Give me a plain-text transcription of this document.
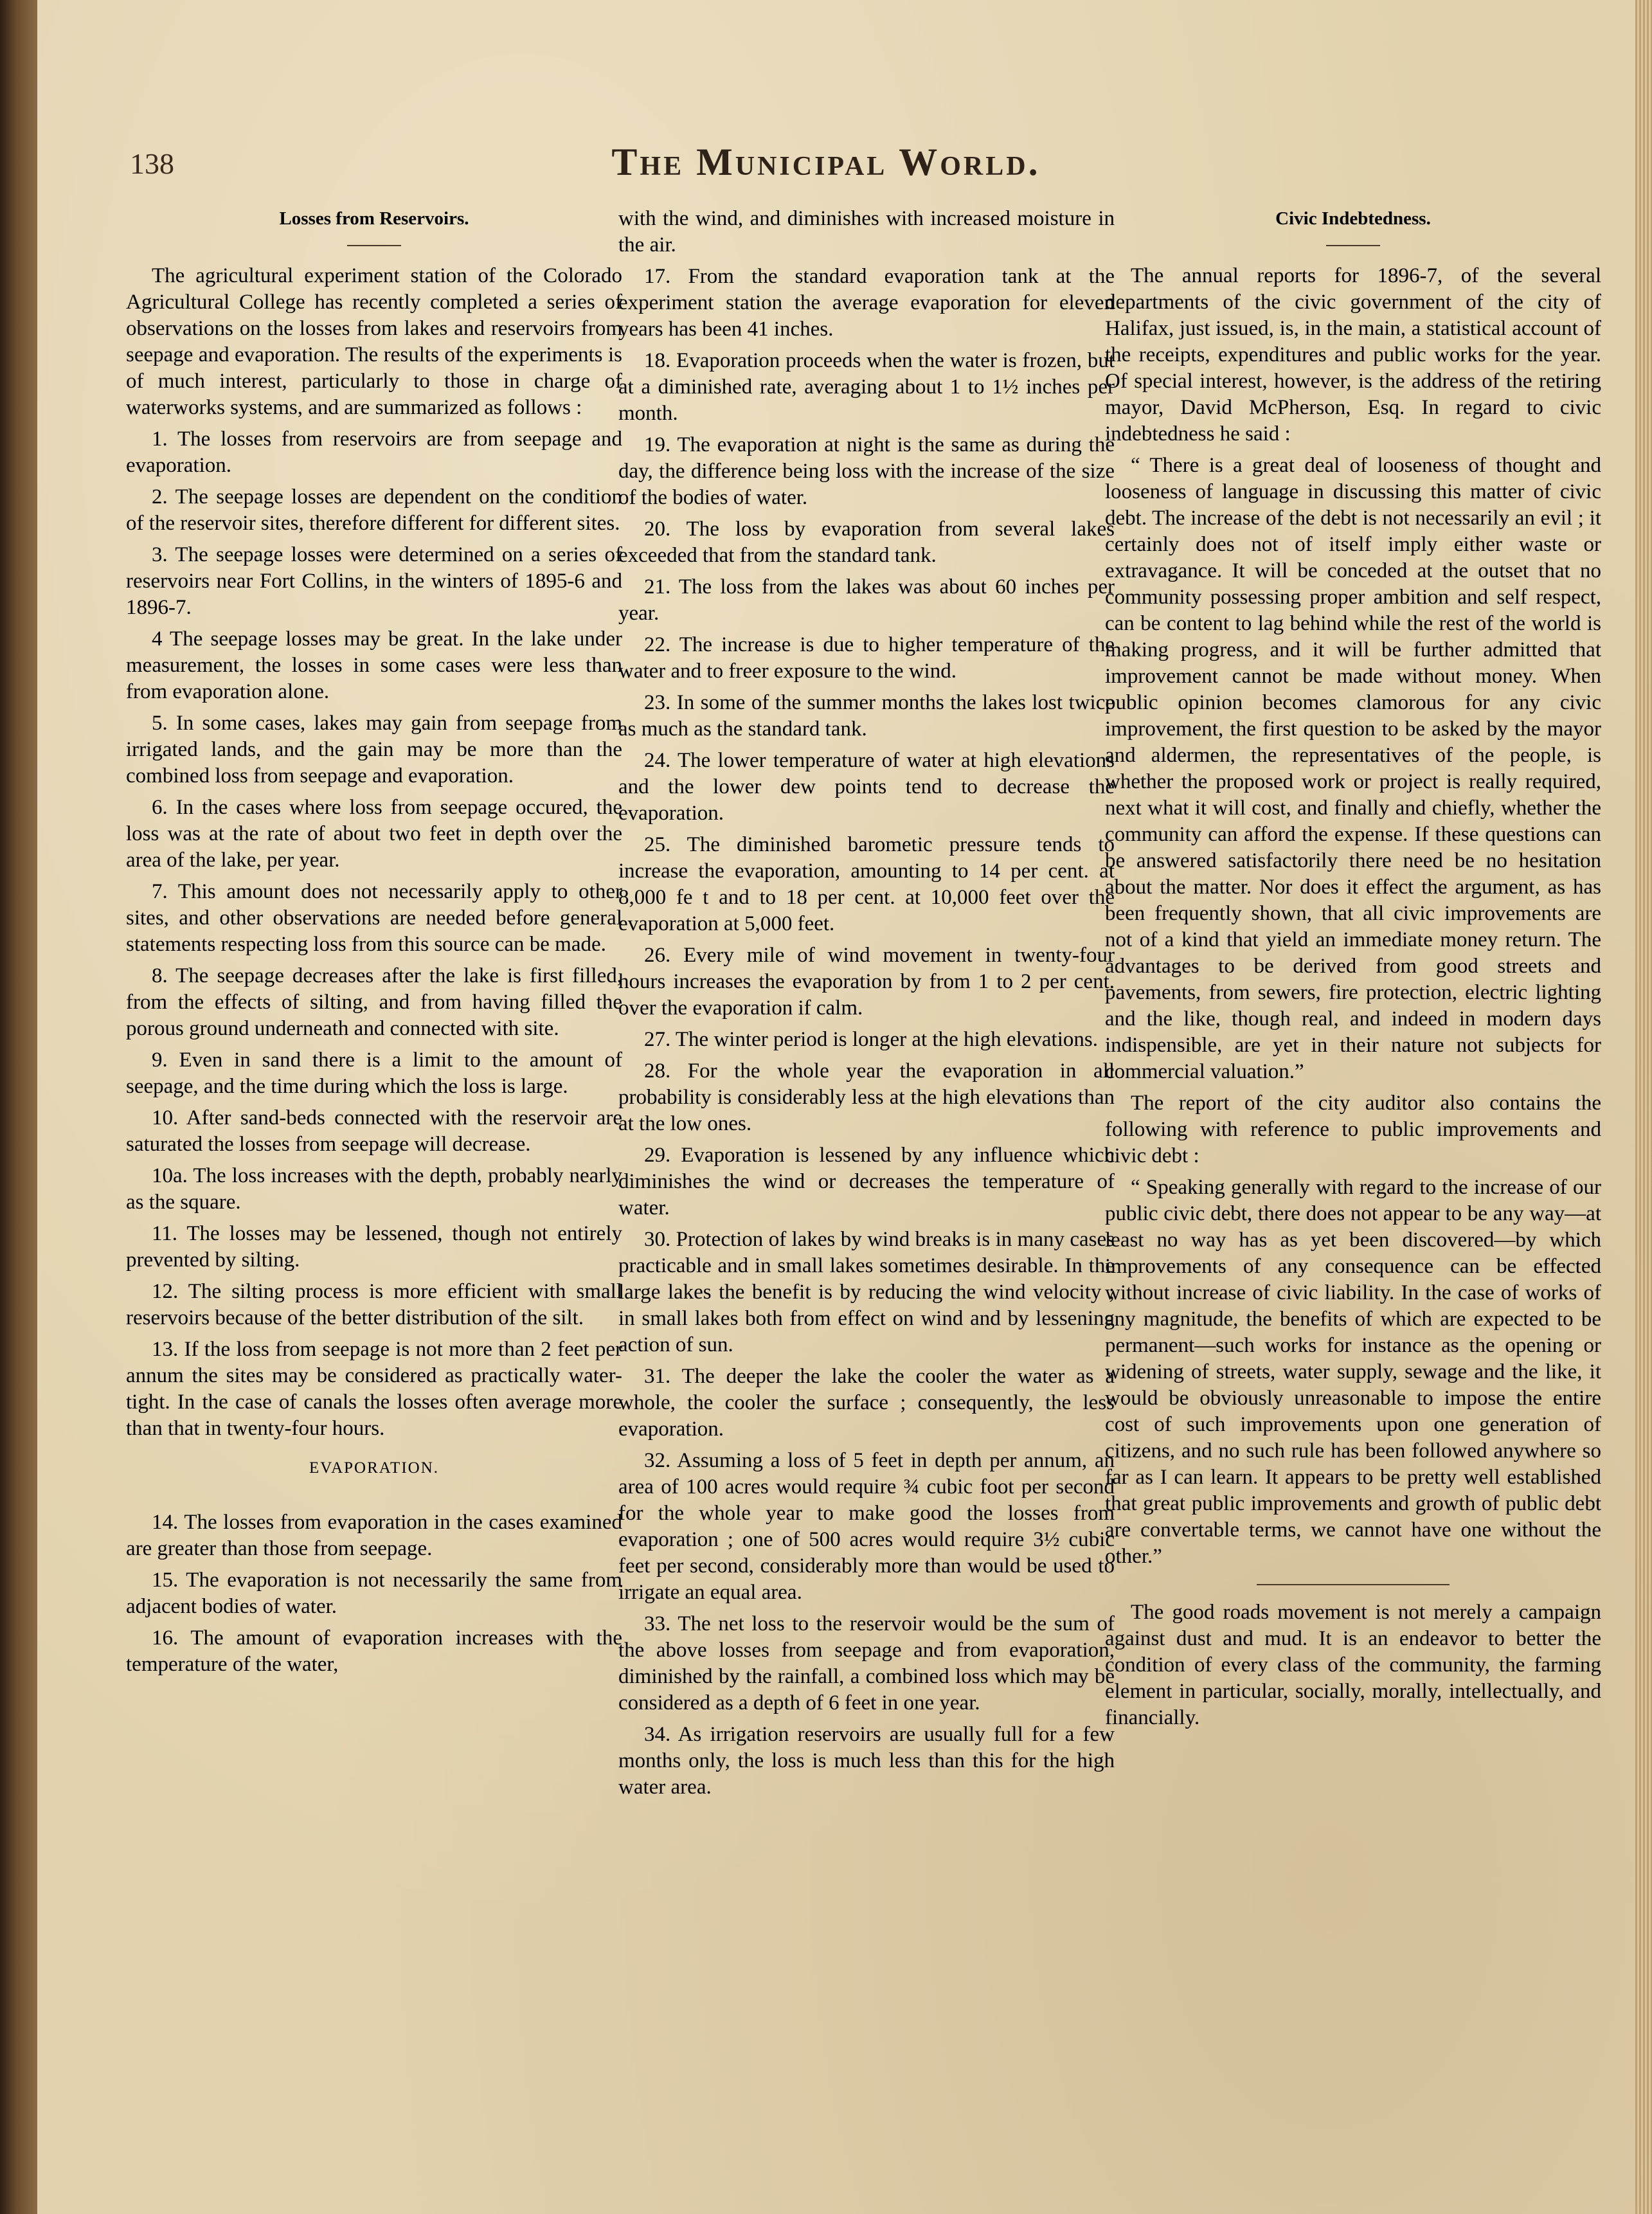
138	The Municipal World.
Losses from Reservoirs.

The agricultural experiment station of the Colorado Agricultural College has recently completed a series of observations on the losses from lakes and reservoirs from seepage and evaporation. The results of the experiments is of much interest, particularly to those in charge of waterworks systems, and are summarized as follows :

1. The losses from reservoirs are from seepage and evaporation.

2. The seepage losses are dependent on the condition of the reservoir sites, therefore different for different sites.

3. The seepage losses were determined on a series of reservoirs near Fort Collins, in the winters of 1895-6 and 1896-7.

4 The seepage losses may be great. In the lake under measurement, the losses in some cases were less than from evaporation alone.

5. In some cases, lakes may gain from seepage from irrigated lands, and the gain may be more than the combined loss from seepage and evaporation.

6. In the cases where loss from seepage occured, the loss was at the rate of about two feet in depth over the area of the lake, per year.

7. This amount does not necessarily apply to other sites, and other observations are needed before general statements respecting loss from this source can be made.

8. The seepage decreases after the lake is first filled, from the effects of silting, and from having filled the porous ground underneath and connected with site.

9. Even in sand there is a limit to the amount of seepage, and the time during which the loss is large.

10. After sand-beds connected with the reservoir are saturated the losses from seepage will decrease.

10a. The loss increases with the depth, probably nearly as the square.

11. The losses may be lessened, though not entirely prevented by silting.

12. The silting process is more efficient with small reservoirs because of the better distribution of the silt.

13. If the loss from seepage is not more than 2 feet per annum the sites may be considered as practically water-tight. In the case of canals the losses often average more than that in twenty-four hours.

EVAPORATION.

14. The losses from evaporation in the cases examined are greater than those from seepage.

15. The evaporation is not necessarily the same from adjacent bodies of water.

16. The amount of evaporation increases with the temperature of the water,

with the wind, and diminishes with increased moisture in the air.

17. From the standard evaporation tank at the experiment station the average evaporation for eleven years has been 41 inches.

18. Evaporation proceeds when the water is frozen, but at a diminished rate, averaging about 1 to 1½ inches per month.

19. The evaporation at night is the same as during the day, the difference being loss with the increase of the size of the bodies of water.

20. The loss by evaporation from several lakes exceeded that from the standard tank.

21. The loss from the lakes was about 60 inches per year.

22. The increase is due to higher temperature of the water and to freer exposure to the wind.

23. In some of the summer months the lakes lost twice as much as the standard tank.

24. The lower temperature of water at high elevations and the lower dew points tend to decrease the evaporation.

25. The diminished barometic pressure tends to increase the evaporation, amounting to 14 per cent. at 8,000 fe t and to 18 per cent. at 10,000 feet over the evaporation at 5,000 feet.

26. Every mile of wind movement in twenty-four hours increases the evaporation by from 1 to 2 per cent. over the evaporation if calm.

27. The winter period is longer at the high elevations.

28. For the whole year the evaporation in all probability is considerably less at the high elevations than at the low ones.

29. Evaporation is lessened by any influence which diminishes the wind or decreases the temperature of water.

30. Protection of lakes by wind breaks is in many cases practicable and in small lakes sometimes desirable. In the large lakes the benefit is by reducing the wind velocity ; in small lakes both from effect on wind and by lessening action of sun.

31. The deeper the lake the cooler the water as a whole, the cooler the surface ; consequently, the less evaporation.

32. Assuming a loss of 5 feet in depth per annum, an area of 100 acres would require ¾ cubic foot per second for the whole year to make good the losses from evaporation ; one of 500 acres would require 3½ cubic feet per second, considerably more than would be used to irrigate an equal area.

33. The net loss to the reservoir would be the sum of the above losses from seepage and from evaporation, diminished by the rainfall, a combined loss which may be considered as a depth of 6 feet in one year.

34. As irrigation reservoirs are usually full for a few months only, the loss is much less than this for the high water area.

Civic Indebtedness.

The annual reports for 1896-7, of the several departments of the civic government of the city of Halifax, just issued, is, in the main, a statistical account of the receipts, expenditures and public works for the year. Of special interest, however, is the address of the retiring mayor, David McPherson, Esq. In regard to civic indebtedness he said :

“ There is a great deal of looseness of thought and looseness of language in discussing this matter of civic debt. The increase of the debt is not necessarily an evil ; it certainly does not of itself imply either waste or extravagance. It will be conceded at the outset that no community possessing proper ambition and self respect, can be content to lag behind while the rest of the world is making progress, and it will be further admitted that improvement cannot be made without money. When public opinion becomes clamorous for any civic improvement, the first question to be asked by the mayor and aldermen, the representatives of the people, is whether the proposed work or project is really required, next what it will cost, and finally and chiefly, whether the community can afford the expense. If these questions can be answered satisfactorily there need be no hesitation about the matter. Nor does it effect the argument, as has been frequently shown, that all civic improvements are not of a kind that yield an immediate money return. The advantages to be derived from good streets and pavements, from sewers, fire protection, electric lighting and the like, though real, and indeed in modern days indispensible, are yet in their nature not subjects for commercial valuation.”

The report of the city auditor also contains the following with reference to public improvements and civic debt :

“ Speaking generally with regard to the increase of our public civic debt, there does not appear to be any way—at least no way has as yet been discovered—by which improvements of any consequence can be effected without increase of civic liability. In the case of works of any magnitude, the benefits of which are expected to be permanent—such works for instance as the opening or widening of streets, water supply, sewage and the like, it would be obviously unreasonable to impose the entire cost of such improvements upon one generation of citizens, and no such rule has been followed anywhere so far as I can learn. It appears to be pretty well established that great public improvements and growth of public debt are convertable terms, we cannot have one without the other.”

The good roads movement is not merely a campaign against dust and mud. It is an endeavor to better the condition of every class of the community, the farming element in particular, socially, morally, intellectually, and financially.
